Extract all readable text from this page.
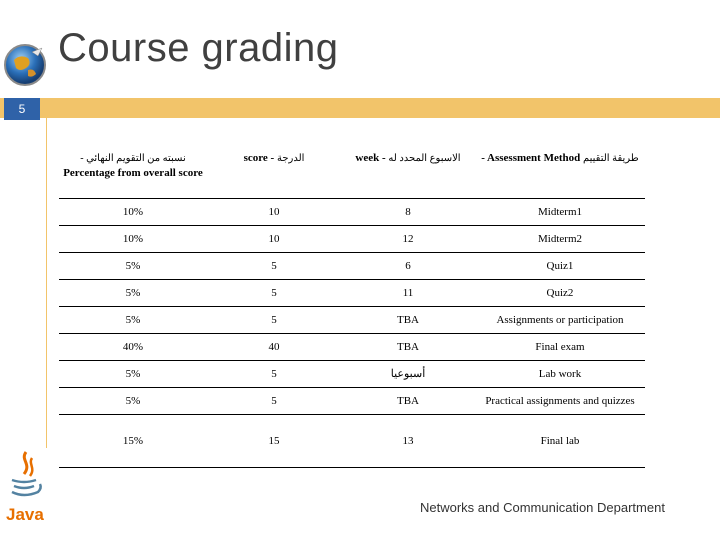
Course grading
5
- نسبته من التقويم النهائي
Percentage from overall score	score - الدرجة	week - الاسبوع المحدد له	- Assessment Method طريقة التقييم
10%	10	8	Midterm1
10%	10	12	Midterm2
5%	5	6	Quiz1
5%	5	11	Quiz2
5%	5	TBA	Assignments or participation
40%	40	TBA	Final exam
5%	5	أسبوعيا	Lab work
5%	5	TBA	Practical assignments and quizzes
15%	15	13	Final lab
Java	Networks and Communication Department
